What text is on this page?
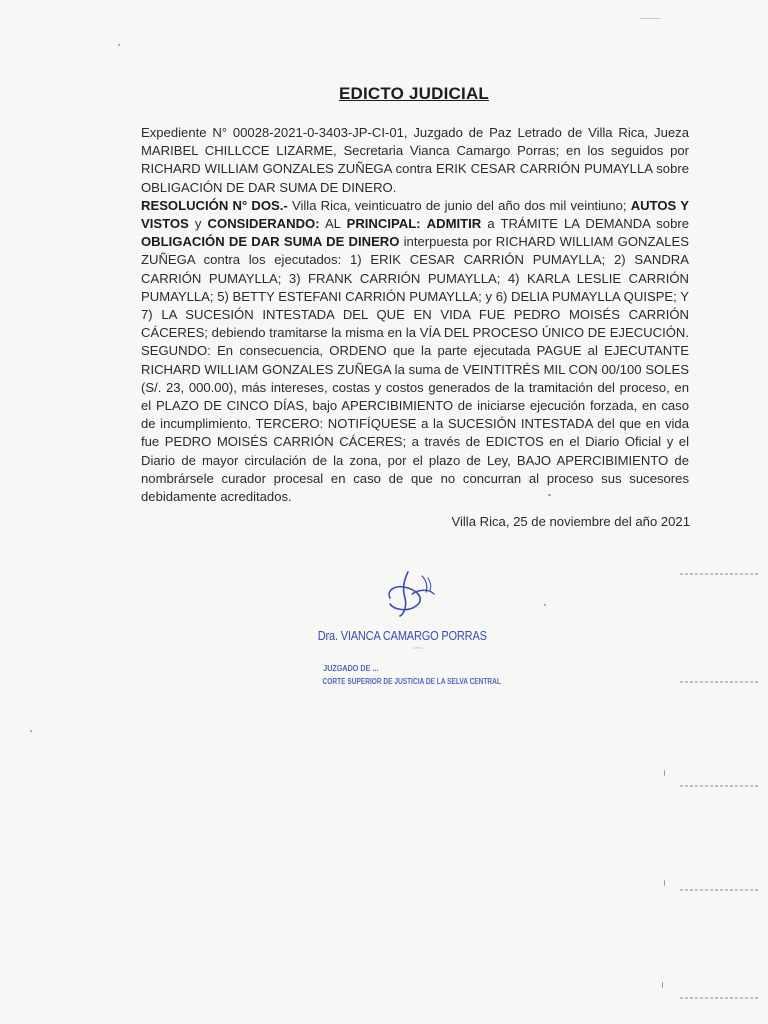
EDICTO JUDICIAL

Expediente N° 00028-2021-0-3403-JP-CI-01, Juzgado de Paz Letrado de Villa Rica, Jueza MARIBEL CHILLCCE LIZARME, Secretaria Vianca Camargo Porras; en los seguidos por RICHARD WILLIAM GONZALES ZUÑEGA contra ERIK CESAR CARRIÓN PUMAYLLA sobre OBLIGACIÓN DE DAR SUMA DE DINERO.

RESOLUCIÓN N° DOS.- Villa Rica, veinticuatro de junio del año dos mil veintiuno; AUTOS Y VISTOS y CONSIDERANDO: AL PRINCIPAL: ADMITIR a TRÁMITE LA DEMANDA sobre OBLIGACIÓN DE DAR SUMA DE DINERO interpuesta por RICHARD WILLIAM GONZALES ZUÑEGA contra los ejecutados: 1) ERIK CESAR CARRIÓN PUMAYLLA; 2) SANDRA CARRIÓN PUMAYLLA; 3) FRANK CARRIÓN PUMAYLLA; 4) KARLA LESLIE CARRIÓN PUMAYLLA; 5) BETTY ESTEFANI CARRIÓN PUMAYLLA; y 6) DELIA PUMAYLLA QUISPE; Y 7) LA SUCESIÓN INTESTADA DEL QUE EN VIDA FUE PEDRO MOISÉS CARRIÓN CÁCERES; debiendo tramitarse la misma en la VÍA DEL PROCESO ÚNICO DE EJECUCIÓN. SEGUNDO: En consecuencia, ORDENO que la parte ejecutada PAGUE al EJECUTANTE RICHARD WILLIAM GONZALES ZUÑEGA la suma de VEINTITRÉS MIL CON 00/100 SOLES (S/. 23, 000.00), más intereses, costas y costos generados de la tramitación del proceso, en el PLAZO DE CINCO DÍAS, bajo APERCIBIMIENTO de iniciarse ejecución forzada, en caso de incumplimiento. TERCERO: NOTIFÍQUESE a la SUCESIÓN INTESTADA del que en vida fue PEDRO MOISÉS CARRIÓN CÁCERES; a través de EDICTOS en el Diario Oficial y el Diario de mayor circulación de la zona, por el plazo de Ley, BAJO APERCIBIMIENTO de nombrársele curador procesal en caso de que no concurran al proceso sus sucesores debidamente acreditados.

Villa Rica, 25 de noviembre del año 2021
Dra. VIANCA CAMARGO PORRAS
~~~
JUZGADO DE ...
CORTE SUPERIOR DE JUSTICIA DE LA SELVA CENTRAL
